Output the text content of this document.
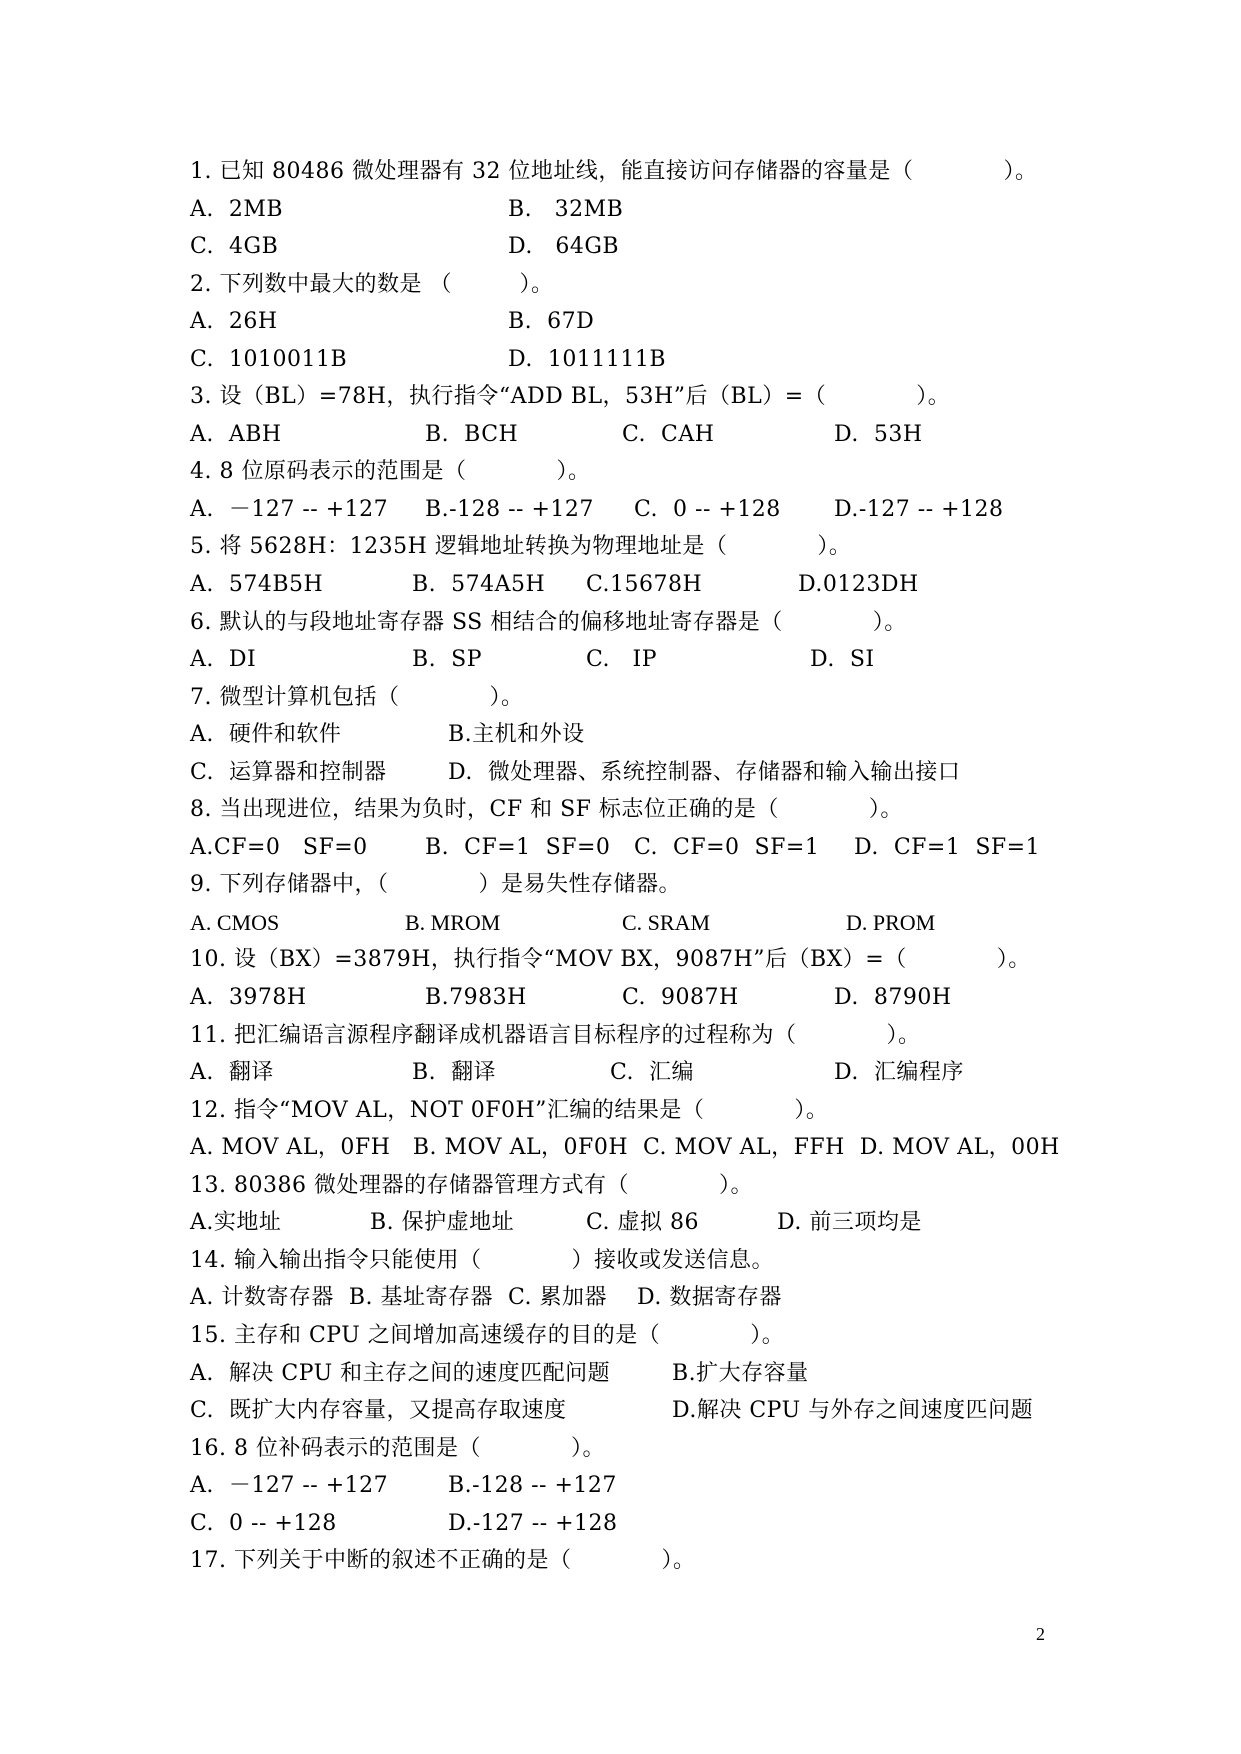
1. 已知 80486 微处理器有 32 位地址线，能直接访问存储器的容量是（　　　　）。

A.  2MB

	B.   32MB

C.  4GB

	D.   64GB

2. 下列数中最大的数是 （　　　）。

A.  26H

	B.  67D

C.  1010011B

	D.  1011111B

3. 设（BL）=78H，执行指令“ADD BL，53H”后（BL）=（　　　　）。

A.  ABH

	B.  BCH

	C.  CAH

	D.  53H

4. 8 位原码表示的范围是（　　　　）。

A.  －127 -- +127

B.-128 -- +127

C.  0 -- +128

D.-127 -- +128

5. 将 5628H：1235H 逻辑地址转换为物理地址是（　　　　）。

A.  574B5H

	B.  574A5H

C.15678H

	D.0123DH

6. 默认的与段地址寄存器 SS 相结合的偏移地址寄存器是（　　　　）。

A.  DI

	B.  SP

	C.   IP

	D.  SI

7. 微型计算机包括（　　　　）。

A.  硬件和软件

	B.主机和外设

C.  运算器和控制器

	D.  微处理器、系统控制器、存储器和输入输出接口

8. 当出现进位，结果为负时，CF 和 SF 标志位正确的是（　　　　）。

A.CF=0   SF=0

	B.  CF=1  SF=0

C.  CF=0  SF=1

D.  CF=1  SF=1

9. 下列存储器中，（　　　　）是易失性存储器。

A. CMOS

	B. MROM

	C. SRAM

	D. PROM

10. 设（BX）=3879H，执行指令“MOV BX，9087H”后（BX）=（　　　　）。

A.  3978H

	B.7983H

	C.  9087H

	D.  8790H

11. 把汇编语言源程序翻译成机器语言目标程序的过程称为（　　　　）。

A.  翻译

	B.  翻译

	C.  汇编

	D.  汇编程序

12. 指令“MOV AL，NOT 0F0H”汇编的结果是（　　　　）。

A. MOV AL，0FH   B. MOV AL，0F0H  C. MOV AL，FFH  D. MOV AL，00H

13. 80386 微处理器的存储器管理方式有（　　　　）。

A.实地址

	B. 保护虚地址

	C. 虚拟 86

	D. 前三项均是

14. 输入输出指令只能使用（　　　　）接收或发送信息。

A. 计数寄存器  B. 基址寄存器  C. 累加器    D. 数据寄存器

15. 主存和 CPU 之间增加高速缓存的目的是（　　　　）。

A.  解决 CPU 和主存之间的速度匹配问题

	B.扩大存容量

C.  既扩大内存容量，又提高存取速度

	D.解决 CPU 与外存之间速度匹问题

16. 8 位补码表示的范围是（　　　　）。

A.  －127 -- +127

	B.-128 -- +127

C.  0 -- +128

	D.-127 -- +128

17. 下列关于中断的叙述不正确的是（　　　　）。
2
